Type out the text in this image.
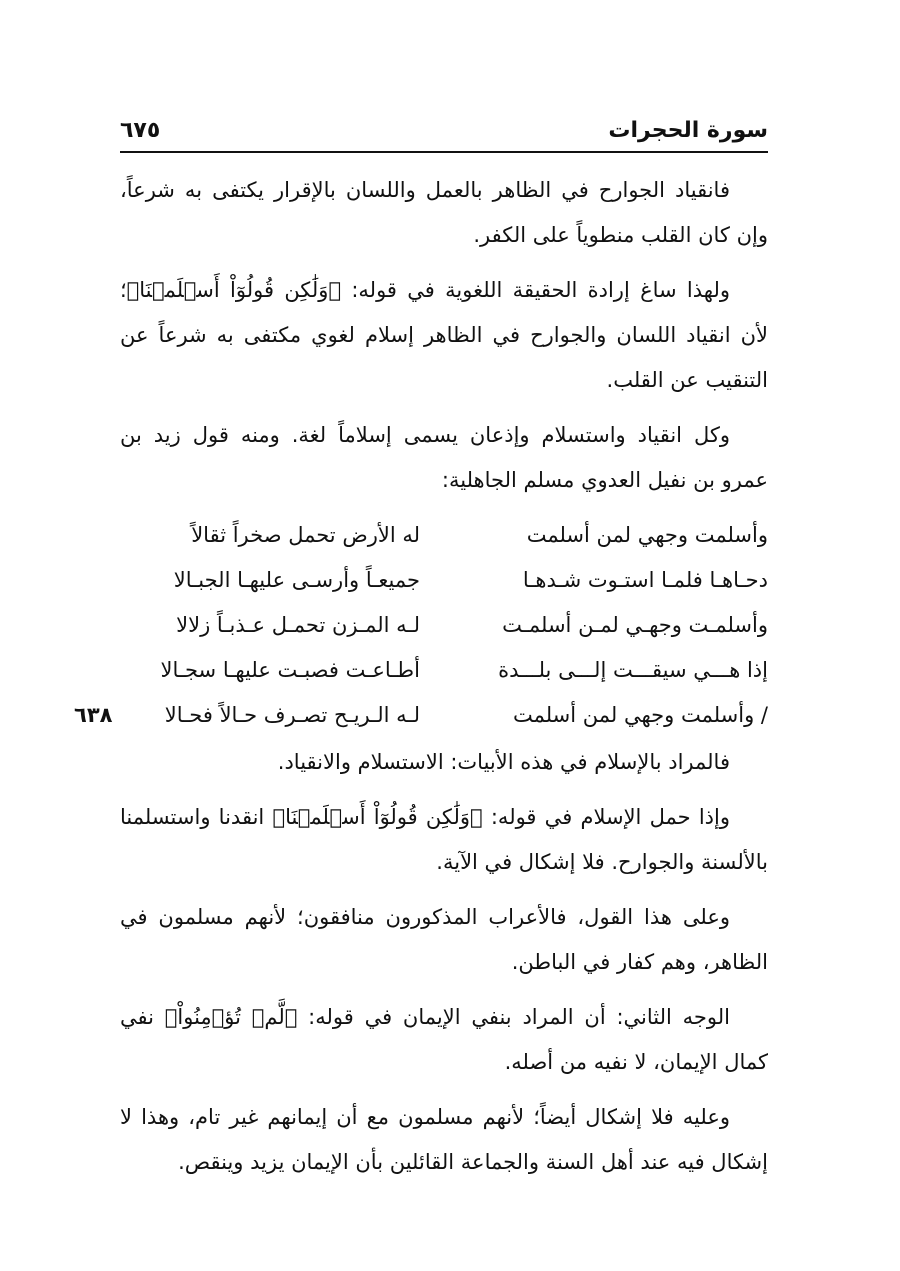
سورة الحجرات
٦٧٥

فانقياد الجوارح في الظاهر بالعمل واللسان بالإقرار يكتفى به شرعاً، وإن كان القلب منطوياً على الكفر.

ولهذا ساغ إرادة الحقيقة اللغوية في قوله: ﴿وَلَٰكِن قُولُوٓاْ أَسۡلَمۡنَا﴾؛ لأن انقياد اللسان والجوارح في الظاهر إسلام لغوي مكتفى به شرعاً عن التنقيب عن القلب.

وكل انقياد واستسلام وإذعان يسمى إسلاماً لغة. ومنه قول زيد بن عمرو بن نفيل العدوي مسلم الجاهلية:

وأسلمت وجهي لمن أسلمت
له الأرض تحمل صخراً ثقالاً
دحـاهـا فلمـا استـوت شـدهـا
جميعـاً وأرسـى عليهـا الجبـالا
وأسلمـت وجهـي لمـن أسلمـت
لـه المـزن تحمـل عـذبـاً زلالا
إذا هـــي سيقـــت إلـــى بلـــدة
أطـاعـت فصبـت عليهـا سجـالا
/ وأسلمت وجهي لمن أسلمت
لـه الـريـح تصـرف حـالاً فحـالا
٦٣٨

فالمراد بالإسلام في هذه الأبيات: الاستسلام والانقياد.

وإذا حمل الإسلام في قوله: ﴿وَلَٰكِن قُولُوٓاْ أَسۡلَمۡنَا﴾ انقدنا واستسلمنا بالألسنة والجوارح. فلا إشكال في الآية.

وعلى هذا القول، فالأعراب المذكورون منافقون؛ لأنهم مسلمون في الظاهر، وهم كفار في الباطن.

الوجه الثاني: أن المراد بنفي الإيمان في قوله: ﴿لَّمۡ تُؤۡمِنُواْ﴾ نفي كمال الإيمان، لا نفيه من أصله.

وعليه فلا إشكال أيضاً؛ لأنهم مسلمون مع أن إيمانهم غير تام، وهذا لا إشكال فيه عند أهل السنة والجماعة القائلين بأن الإيمان يزيد وينقص.
